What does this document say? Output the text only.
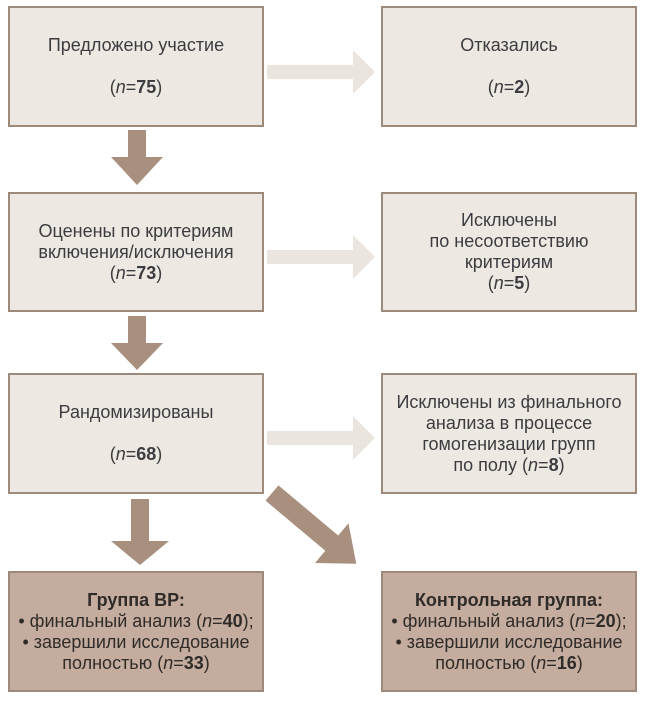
Предложено участие
(n=75)
Отказались
(n=2)
Оценены по критериям
включения/исключения
(n=73)
Исключены
по несоответствию
критериям
(n=5)
Рандомизированы
(n=68)
Исключены из финального
анализа в процессе
гомогенизации групп
по полу (n=8)
Группа ВР:
• финальный анализ (n=40);
• завершили исследование
полностью (n=33)
Контрольная группа:
• финальный анализ (n=20);
• завершили исследование
полностью (n=16)
